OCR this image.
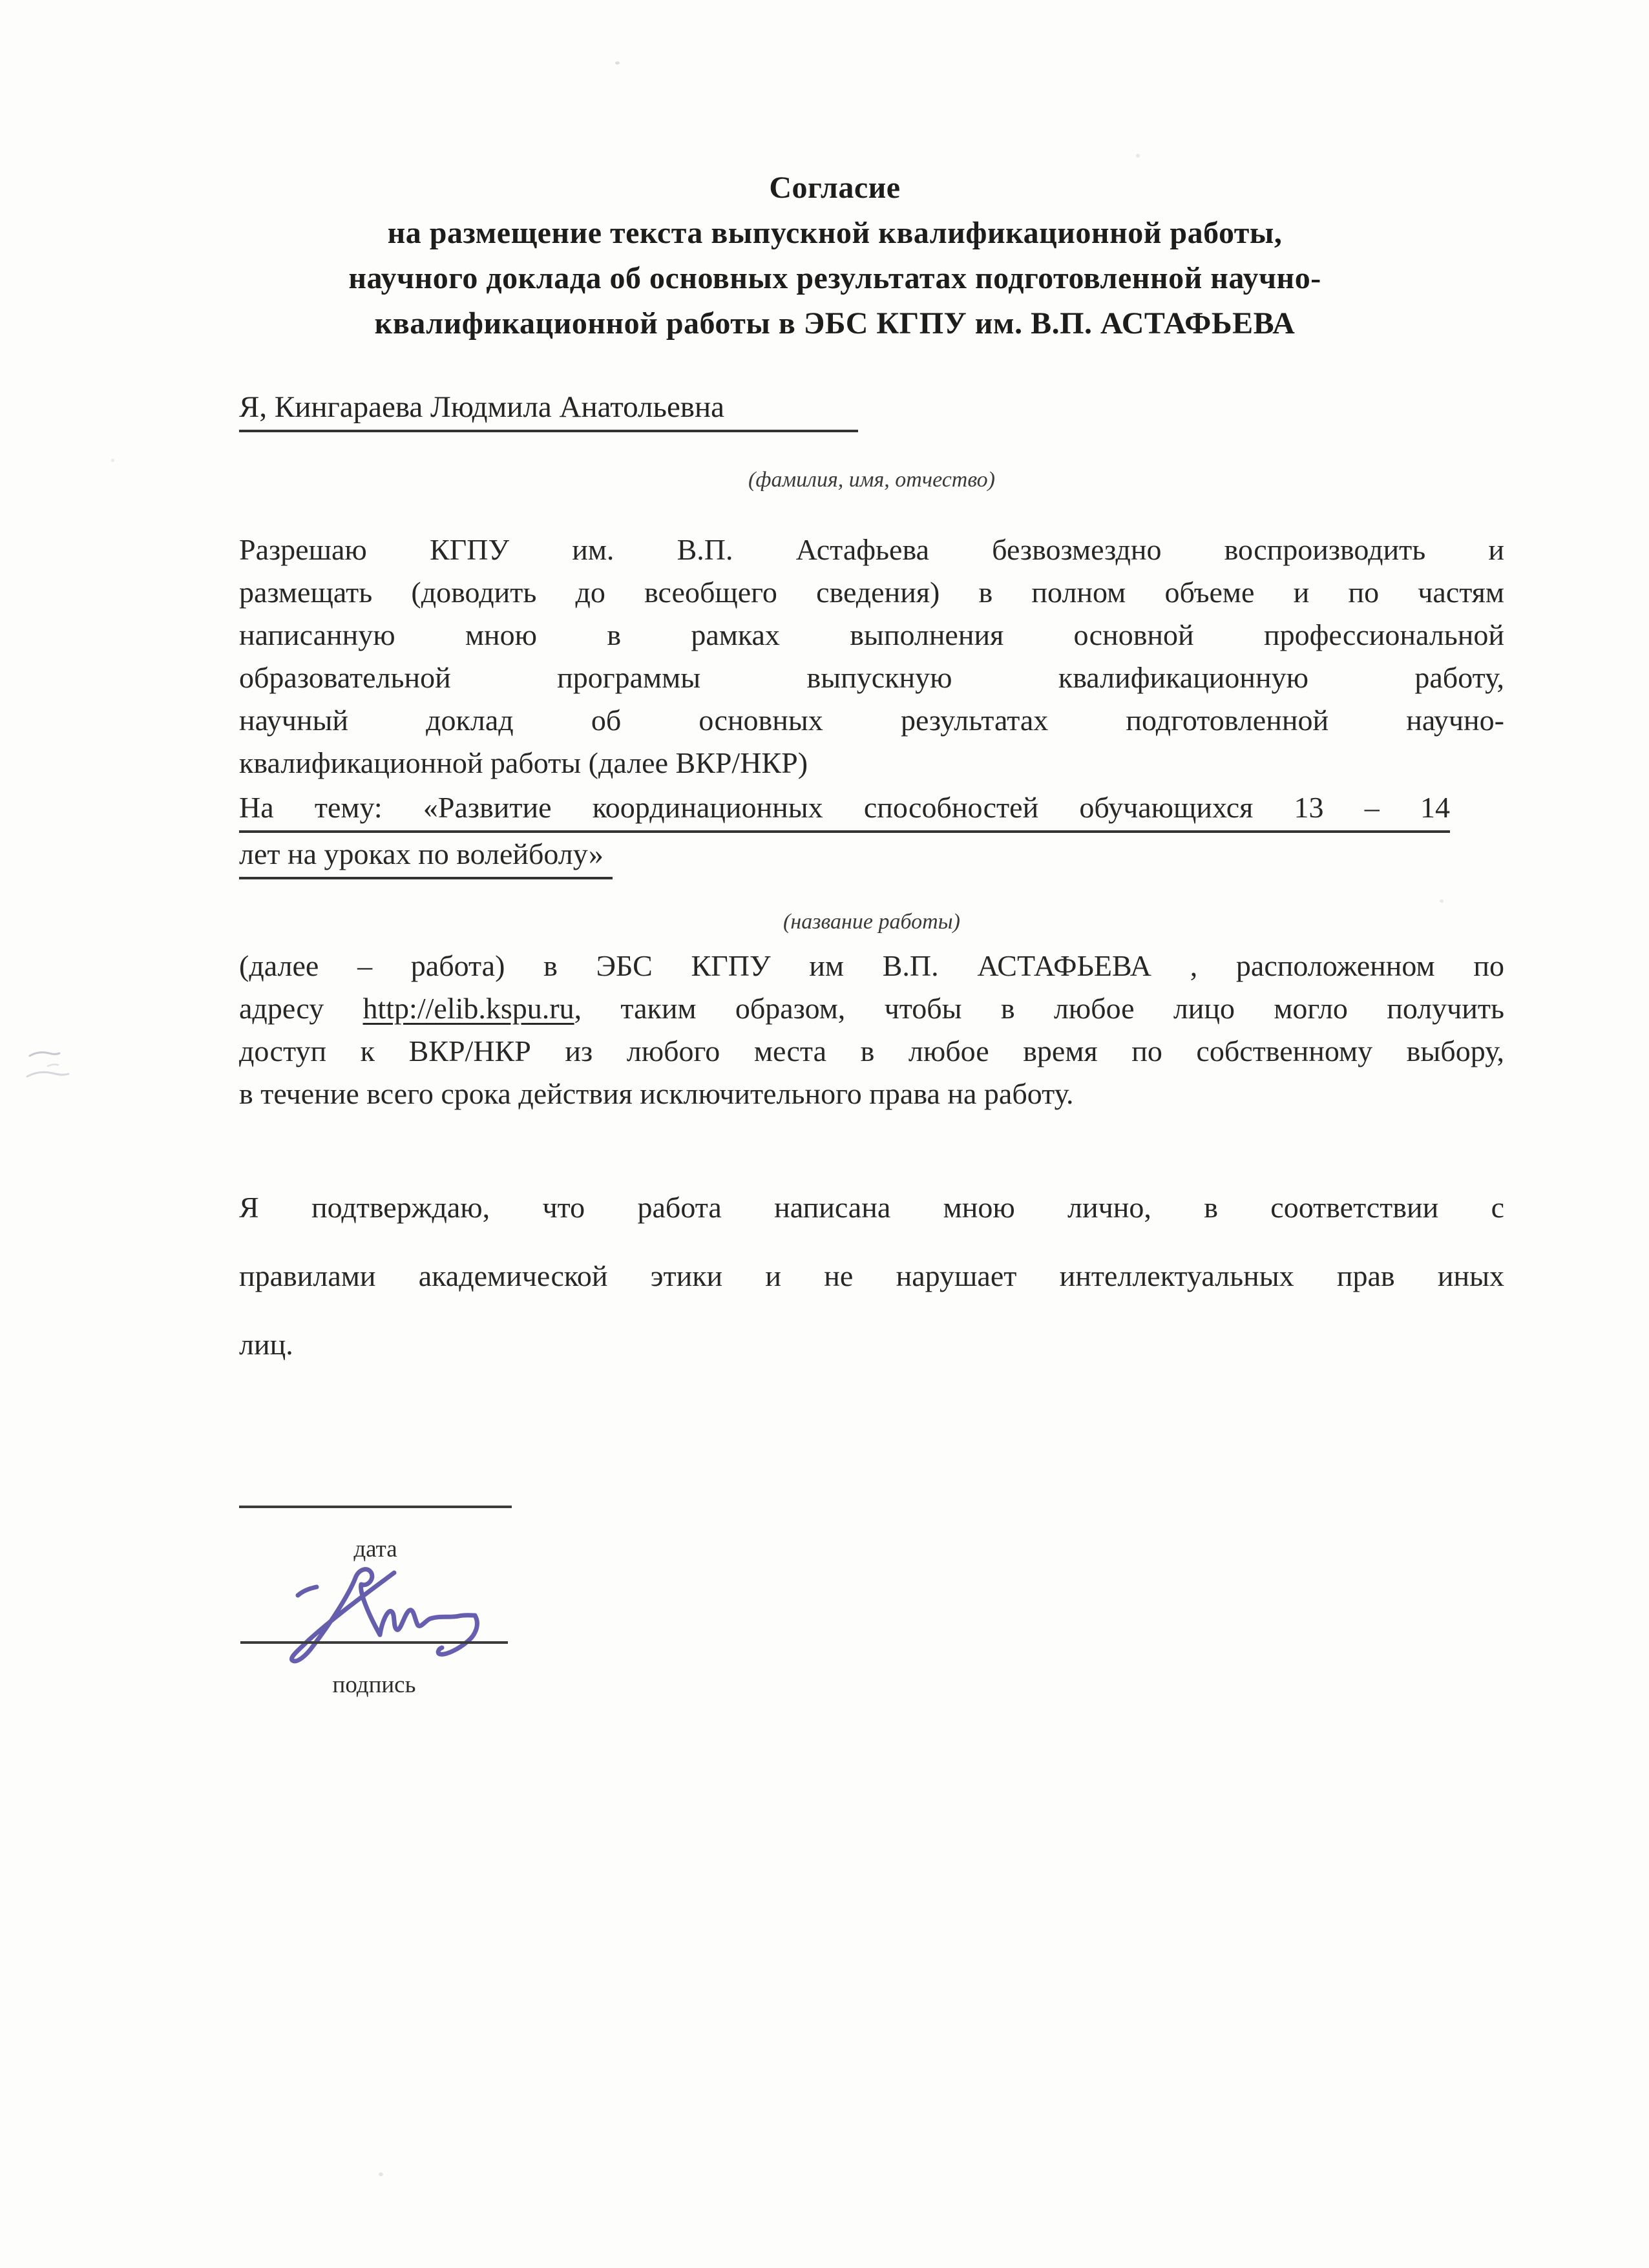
Согласие
на размещение текста выпускной квалификационной работы,
научного доклада об основных результатах подготовленной научно-
квалификационной работы в ЭБС КГПУ им. В.П. АСТАФЬЕВА
Я, Кингараева Людмила Анатольевна
(фамилия, имя, отчество)
Разрешаю КГПУ им. В.П. Астафьева безвозмездно воспроизводить и
размещать (доводить до всеобщего сведения) в полном объеме и по частям
написанную мною в рамках выполнения основной профессиональной
образовательной программы выпускную квалификационную работу,
научный доклад об основных результатах подготовленной научно-
квалификационной работы (далее ВКР/НКР)
На тему: «Развитие координационных способностей обучающихся 13 – 14
лет на уроках по волейболу»
(название работы)
(далее – работа) в ЭБС КГПУ им В.П. АСТАФЬЕВА , расположенном по
адресу http://elib.kspu.ru, таким образом, чтобы в любое лицо могло получить
доступ к ВКР/НКР из любого места в любое время по собственному выбору,
в течение всего срока действия исключительного права на работу.
Я подтверждаю, что работа написана мною лично, в соответствии с
правилами академической этики и не нарушает интеллектуальных прав иных
лиц.
дата
подпись
